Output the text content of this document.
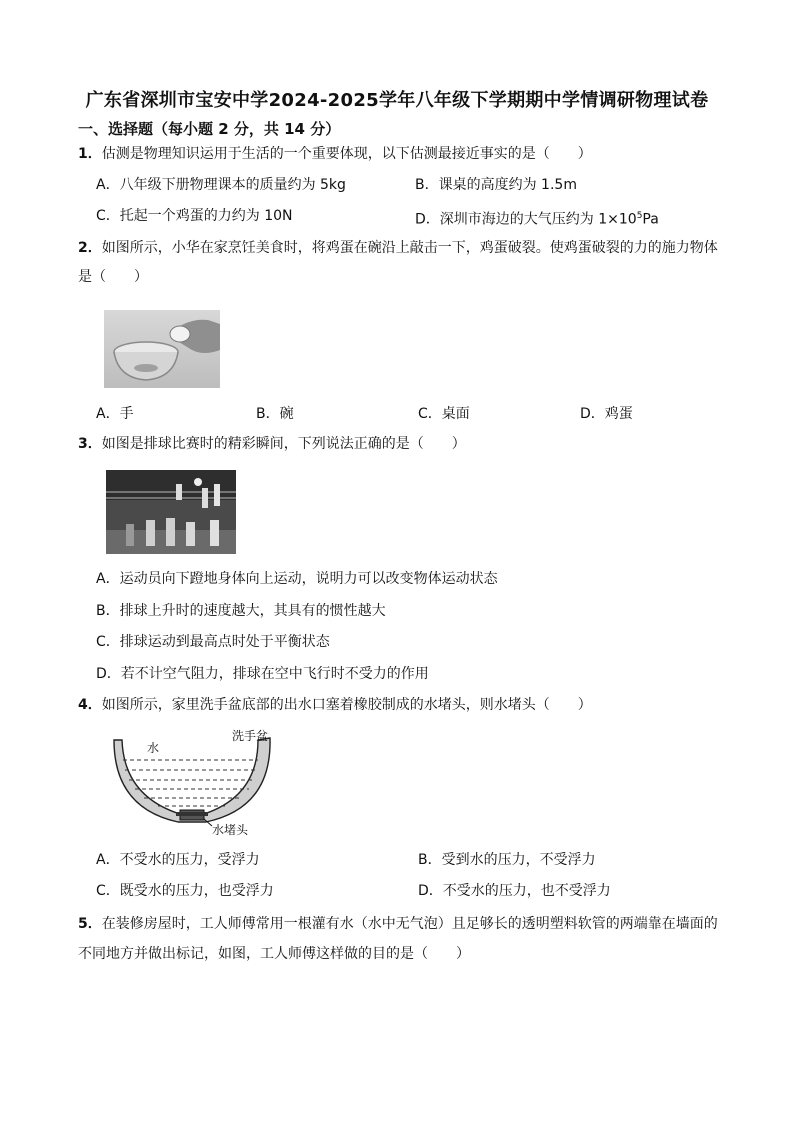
广东省深圳市宝安中学2024-2025学年八年级下学期期中学情调研物理试卷
一、选择题（每小题 2 分，共 14 分）
1．估测是物理知识运用于生活的一个重要体现，以下估测最接近事实的是（　　）
A．八年级下册物理课本的质量约为 5kg	B．课桌的高度约为 1.5m
C．托起一个鸡蛋的力约为 10N	D．深圳市海边的大气压约为 $1\times 10^5Pa$
2．如图所示，小华在家烹饪美食时，将鸡蛋在碗沿上敲击一下，鸡蛋破裂。使鸡蛋破裂的力的施力物体
是（　　）
A．手	B．碗	C．桌面	D．鸡蛋
3．如图是排球比赛时的精彩瞬间，下列说法正确的是（　　）
A．运动员向下蹬地身体向上运动，说明力可以改变物体运动状态
B．排球上升时的速度越大，其具有的惯性越大
C．排球运动到最高点时处于平衡状态
D．若不计空气阻力，排球在空中飞行时不受力的作用
4．如图所示，家里洗手盆底部的出水口塞着橡胶制成的水堵头，则水堵头（　　）
水
洗手盆
水堵头
A．不受水的压力，受浮力	B．受到水的压力，不受浮力
C．既受水的压力，也受浮力	D．不受水的压力，也不受浮力
5．在装修房屋时，工人师傅常用一根灌有水（水中无气泡）且足够长的透明塑料软管的两端靠在墙面的
不同地方并做出标记，如图，工人师傅这样做的目的是（　　）
